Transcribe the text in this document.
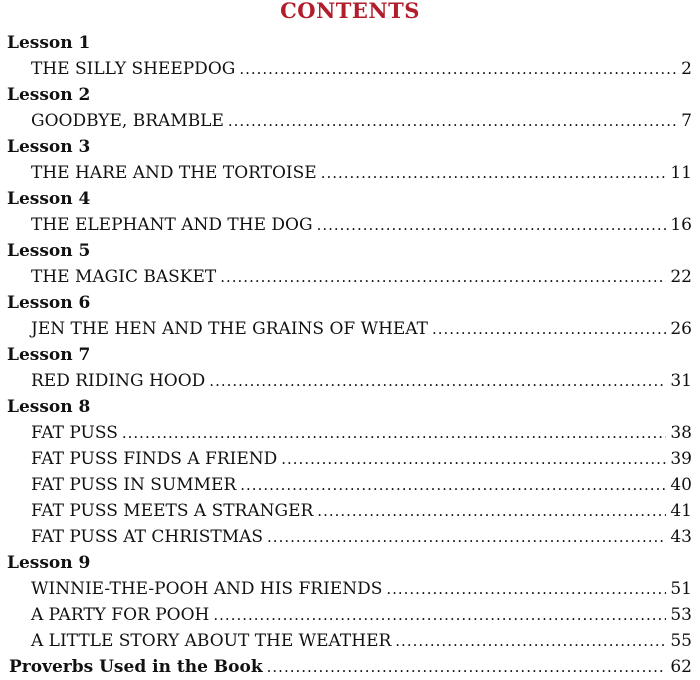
CONTENTS
Lesson 1
THE SILLY SHEEPDOG .....	2
Lesson 2
GOODBYE, BRAMBLE .....	7
Lesson 3
THE HARE AND THE TORTOISE .....	11
Lesson 4
THE ELEPHANT AND THE DOG .....	16
Lesson 5
THE MAGIC BASKET .....	22
Lesson 6
JEN THE HEN AND THE GRAINS OF WHEAT .....	26
Lesson 7
RED RIDING HOOD .....	31
Lesson 8
FAT PUSS .....	38
FAT PUSS FINDS A FRIEND .....	39
FAT PUSS IN SUMMER .....	40
FAT PUSS MEETS A STRANGER .....	41
FAT PUSS AT CHRISTMAS .....	43
Lesson 9
WINNIE-THE-POOH AND HIS FRIENDS .....	51
A PARTY FOR POOH .....	53
A LITTLE STORY ABOUT THE WEATHER .....	55
Proverbs Used in the Book .....	62
